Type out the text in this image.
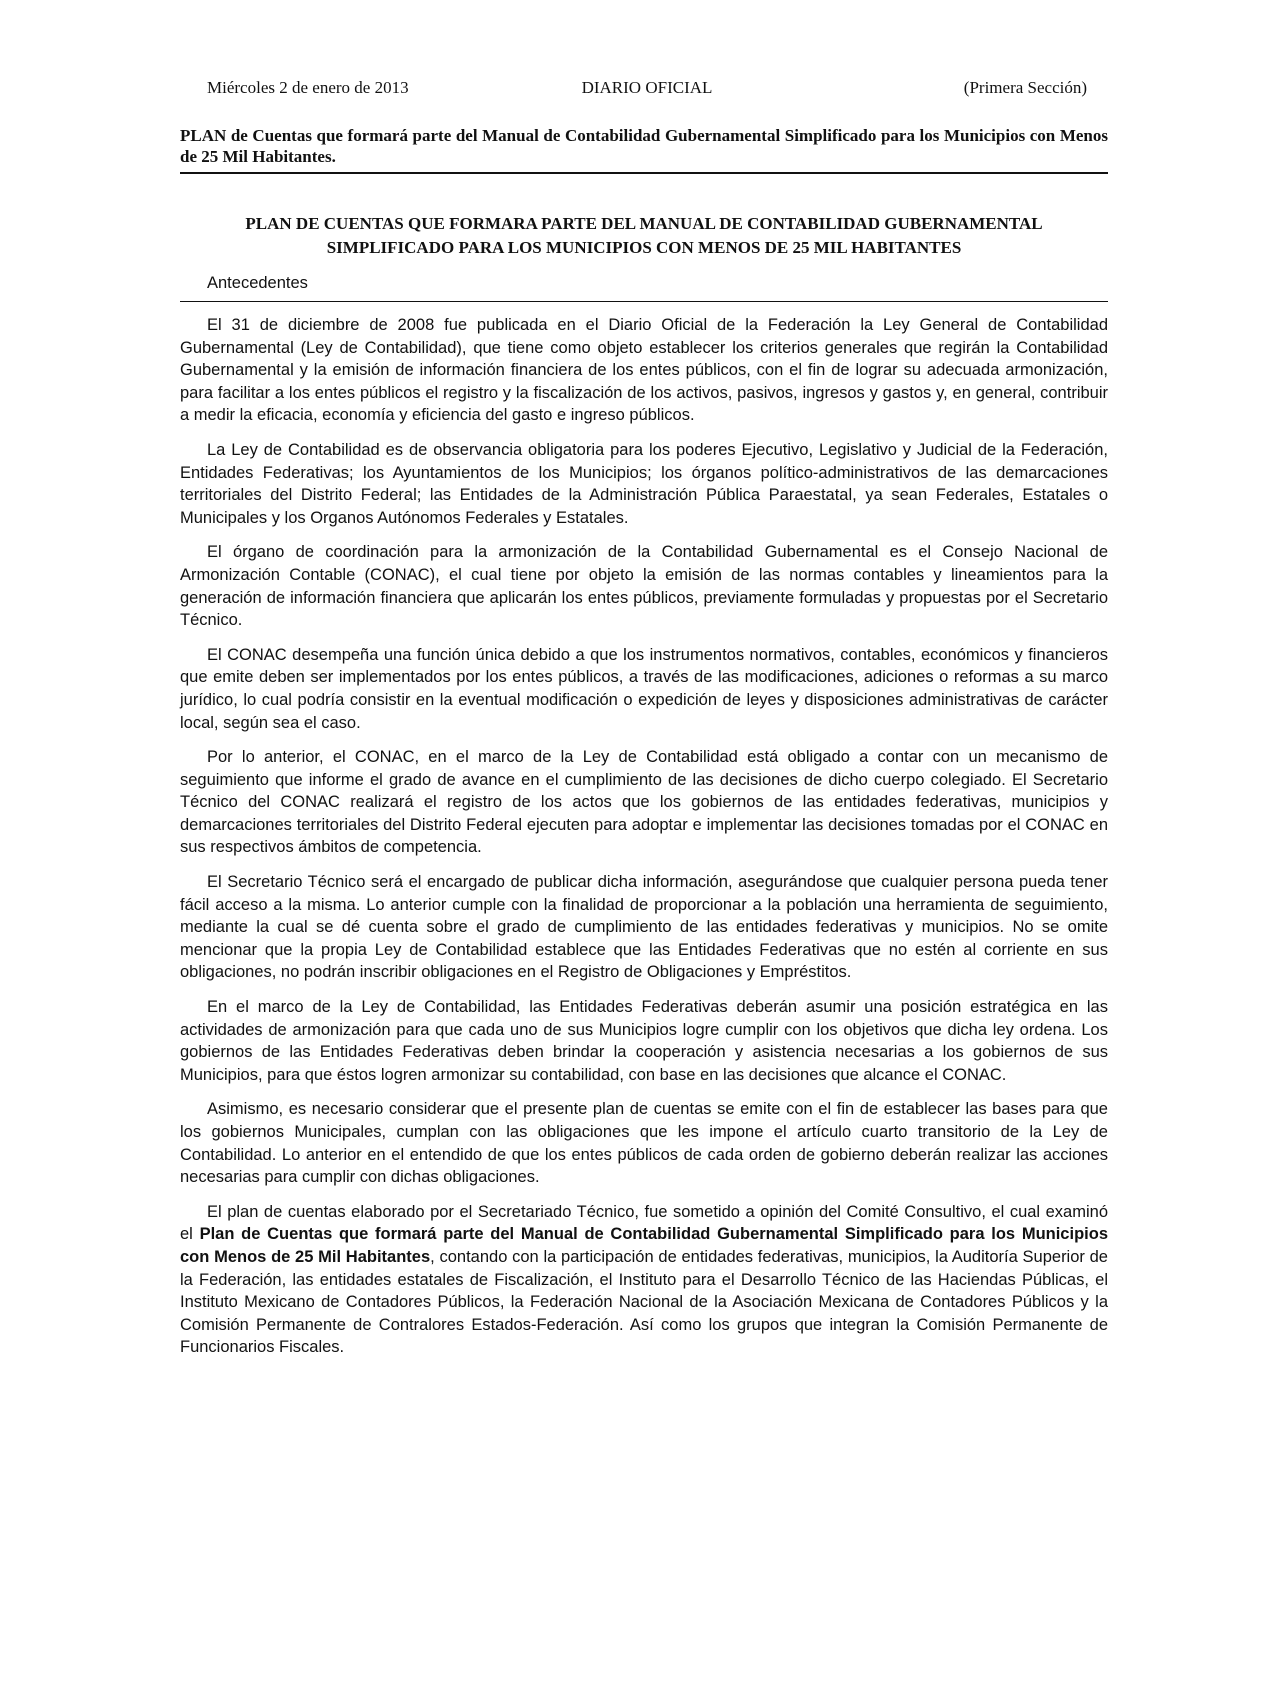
Miércoles 2 de enero de 2013	DIARIO OFICIAL	(Primera Sección)

PLAN de Cuentas que formará parte del Manual de Contabilidad Gubernamental Simplificado para los Municipios con Menos de 25 Mil Habitantes.

PLAN DE CUENTAS QUE FORMARA PARTE DEL MANUAL DE CONTABILIDAD GUBERNAMENTAL
SIMPLIFICADO PARA LOS MUNICIPIOS CON MENOS DE 25 MIL HABITANTES
Antecedentes

El 31 de diciembre de 2008 fue publicada en el Diario Oficial de la Federación la Ley General de Contabilidad Gubernamental (Ley de Contabilidad), que tiene como objeto establecer los criterios generales que regirán la Contabilidad Gubernamental y la emisión de información financiera de los entes públicos, con el fin de lograr su adecuada armonización, para facilitar a los entes públicos el registro y la fiscalización de los activos, pasivos, ingresos y gastos y, en general, contribuir a medir la eficacia, economía y eficiencia del gasto e ingreso públicos.

La Ley de Contabilidad es de observancia obligatoria para los poderes Ejecutivo, Legislativo y Judicial de la Federación, Entidades Federativas; los Ayuntamientos de los Municipios; los órganos político-administrativos de las demarcaciones territoriales del Distrito Federal; las Entidades de la Administración Pública Paraestatal, ya sean Federales, Estatales o Municipales y los Organos Autónomos Federales y Estatales.

El órgano de coordinación para la armonización de la Contabilidad Gubernamental es el Consejo Nacional de Armonización Contable (CONAC), el cual tiene por objeto la emisión de las normas contables y lineamientos para la generación de información financiera que aplicarán los entes públicos, previamente formuladas y propuestas por el Secretario Técnico.

El CONAC desempeña una función única debido a que los instrumentos normativos, contables, económicos y financieros que emite deben ser implementados por los entes públicos, a través de las modificaciones, adiciones o reformas a su marco jurídico, lo cual podría consistir en la eventual modificación o expedición de leyes y disposiciones administrativas de carácter local, según sea el caso.

Por lo anterior, el CONAC, en el marco de la Ley de Contabilidad está obligado a contar con un mecanismo de seguimiento que informe el grado de avance en el cumplimiento de las decisiones de dicho cuerpo colegiado. El Secretario Técnico del CONAC realizará el registro de los actos que los gobiernos de las entidades federativas, municipios y demarcaciones territoriales del Distrito Federal ejecuten para adoptar e implementar las decisiones tomadas por el CONAC en sus respectivos ámbitos de competencia.

El Secretario Técnico será el encargado de publicar dicha información, asegurándose que cualquier persona pueda tener fácil acceso a la misma. Lo anterior cumple con la finalidad de proporcionar a la población una herramienta de seguimiento, mediante la cual se dé cuenta sobre el grado de cumplimiento de las entidades federativas y municipios. No se omite mencionar que la propia Ley de Contabilidad establece que las Entidades Federativas que no estén al corriente en sus obligaciones, no podrán inscribir obligaciones en el Registro de Obligaciones y Empréstitos.

En el marco de la Ley de Contabilidad, las Entidades Federativas deberán asumir una posición estratégica en las actividades de armonización para que cada uno de sus Municipios logre cumplir con los objetivos que dicha ley ordena. Los gobiernos de las Entidades Federativas deben brindar la cooperación y asistencia necesarias a los gobiernos de sus Municipios, para que éstos logren armonizar su contabilidad, con base en las decisiones que alcance el CONAC.

Asimismo, es necesario considerar que el presente plan de cuentas se emite con el fin de establecer las bases para que los gobiernos Municipales, cumplan con las obligaciones que les impone el artículo cuarto transitorio de la Ley de Contabilidad. Lo anterior en el entendido de que los entes públicos de cada orden de gobierno deberán realizar las acciones necesarias para cumplir con dichas obligaciones.

El plan de cuentas elaborado por el Secretariado Técnico, fue sometido a opinión del Comité Consultivo, el cual examinó el Plan de Cuentas que formará parte del Manual de Contabilidad Gubernamental Simplificado para los Municipios con Menos de 25 Mil Habitantes, contando con la participación de entidades federativas, municipios, la Auditoría Superior de la Federación, las entidades estatales de Fiscalización, el Instituto para el Desarrollo Técnico de las Haciendas Públicas, el Instituto Mexicano de Contadores Públicos, la Federación Nacional de la Asociación Mexicana de Contadores Públicos y la Comisión Permanente de Contralores Estados-Federación. Así como los grupos que integran la Comisión Permanente de Funcionarios Fiscales.
